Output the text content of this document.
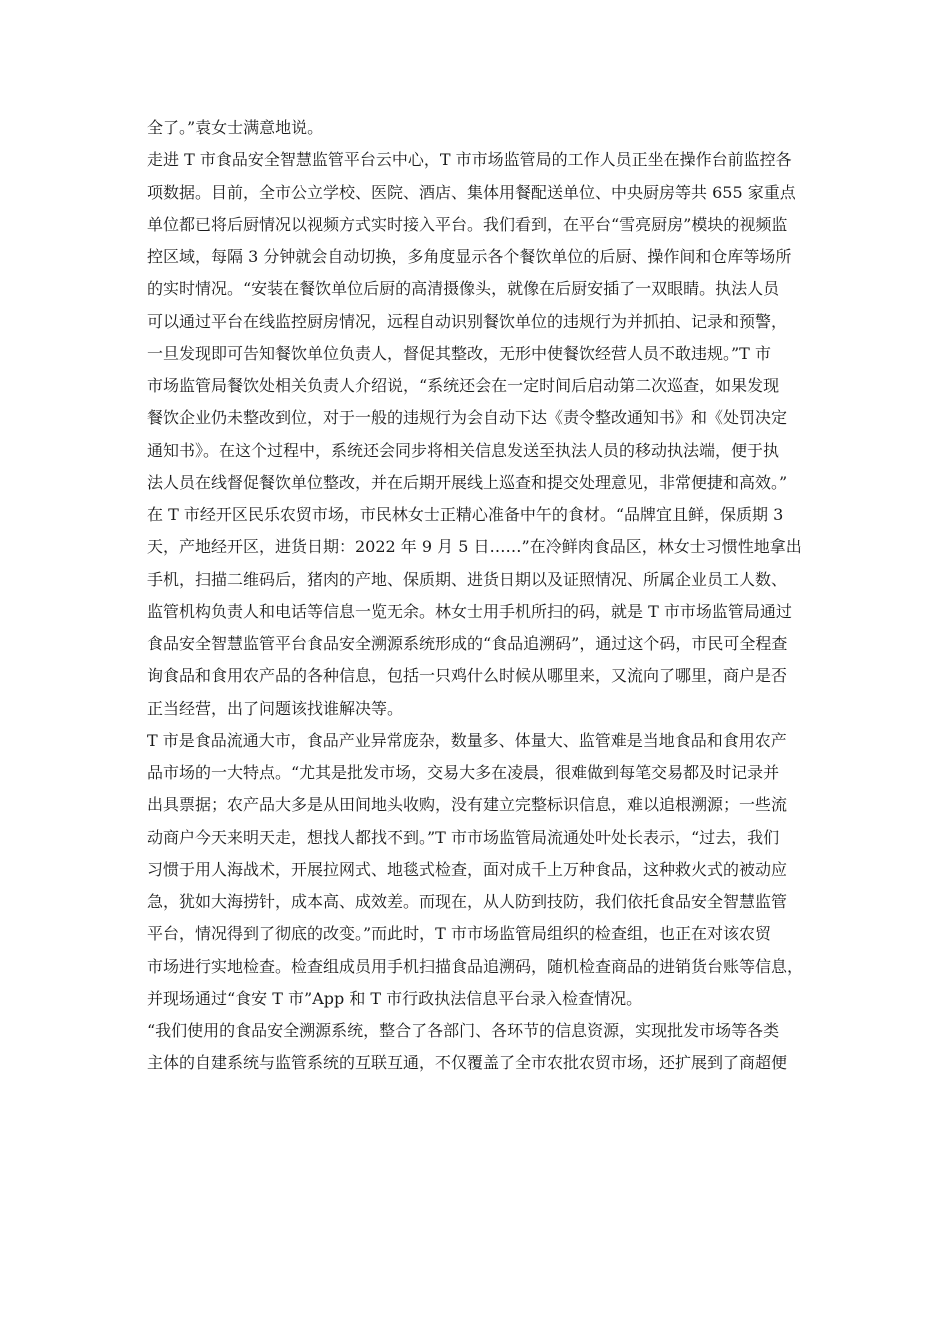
全了。”袁女士满意地说。
走进 T 市食品安全智慧监管平台云中心，T 市市场监管局的工作人员正坐在操作台前监控各
项数据。目前，全市公立学校、医院、酒店、集体用餐配送单位、中央厨房等共 655 家重点
单位都已将后厨情况以视频方式实时接入平台。我们看到，在平台“雪亮厨房”模块的视频监
控区域，每隔 3 分钟就会自动切换，多角度显示各个餐饮单位的后厨、操作间和仓库等场所
的实时情况。“安装在餐饮单位后厨的高清摄像头，就像在后厨安插了一双眼睛。执法人员
可以通过平台在线监控厨房情况，远程自动识别餐饮单位的违规行为并抓拍、记录和预警，
一旦发现即可告知餐饮单位负责人，督促其整改，无形中使餐饮经营人员不敢违规。”T 市
市场监管局餐饮处相关负责人介绍说，“系统还会在一定时间后启动第二次巡查，如果发现
餐饮企业仍未整改到位，对于一般的违规行为会自动下达《责令整改通知书》和《处罚决定
通知书》。在这个过程中，系统还会同步将相关信息发送至执法人员的移动执法端，便于执
法人员在线督促餐饮单位整改，并在后期开展线上巡查和提交处理意见，非常便捷和高效。”
在 T 市经开区民乐农贸市场，市民林女士正精心准备中午的食材。“品牌宜且鲜，保质期 3
天，产地经开区，进货日期：2022 年 9 月 5 日……”在冷鲜肉食品区，林女士习惯性地拿出
手机，扫描二维码后，猪肉的产地、保质期、进货日期以及证照情况、所属企业员工人数、
监管机构负责人和电话等信息一览无余。林女士用手机所扫的码，就是 T 市市场监管局通过
食品安全智慧监管平台食品安全溯源系统形成的“食品追溯码”，通过这个码，市民可全程查
询食品和食用农产品的各种信息，包括一只鸡什么时候从哪里来，又流向了哪里，商户是否
正当经营，出了问题该找谁解决等。
T 市是食品流通大市，食品产业异常庞杂，数量多、体量大、监管难是当地食品和食用农产
品市场的一大特点。“尤其是批发市场，交易大多在凌晨，很难做到每笔交易都及时记录并
出具票据；农产品大多是从田间地头收购，没有建立完整标识信息，难以追根溯源；一些流
动商户今天来明天走，想找人都找不到。”T 市市场监管局流通处叶处长表示，“过去，我们
习惯于用人海战术，开展拉网式、地毯式检查，面对成千上万种食品，这种救火式的被动应
急，犹如大海捞针，成本高、成效差。而现在，从人防到技防，我们依托食品安全智慧监管
平台，情况得到了彻底的改变。”而此时，T 市市场监管局组织的检查组，也正在对该农贸
市场进行实地检查。检查组成员用手机扫描食品追溯码，随机检查商品的进销货台账等信息，
并现场通过“食安 T 市”App 和 T 市行政执法信息平台录入检查情况。
“我们使用的食品安全溯源系统，整合了各部门、各环节的信息资源，实现批发市场等各类
主体的自建系统与监管系统的互联互通，不仅覆盖了全市农批农贸市场，还扩展到了商超便
